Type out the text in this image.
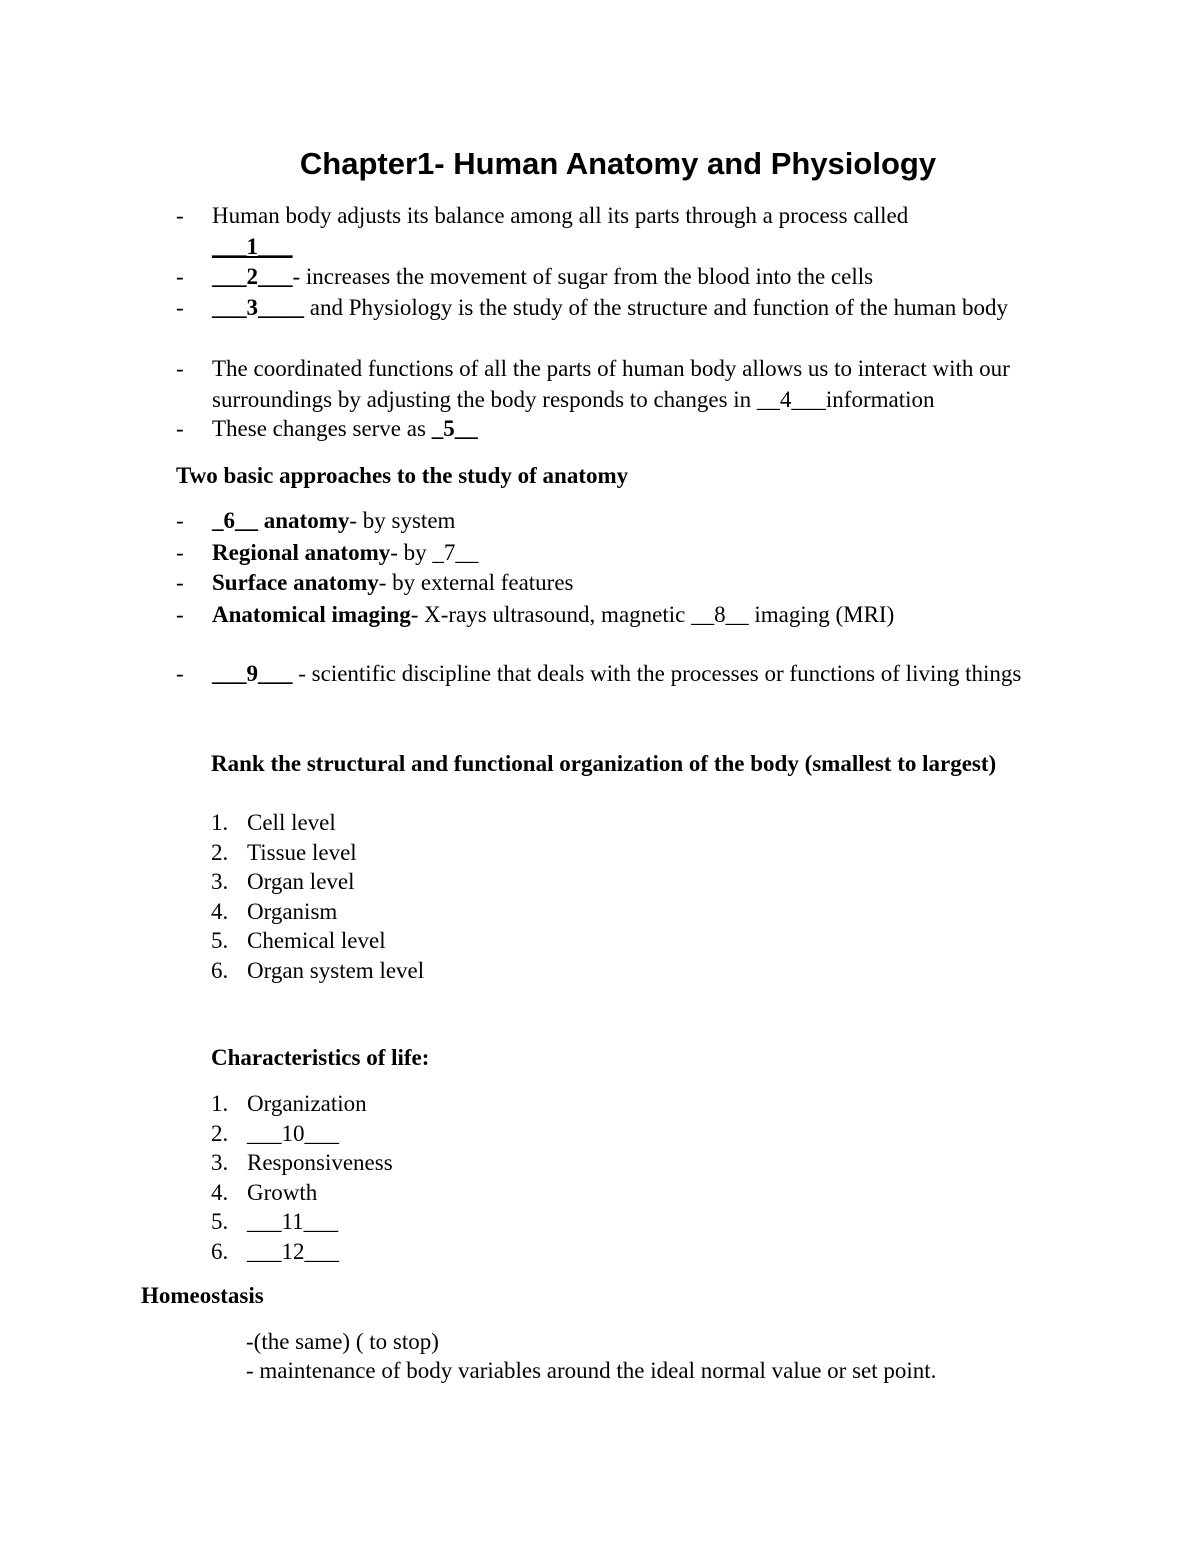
Chapter1- Human Anatomy and Physiology
- Human body adjusts its balance among all its parts through a process called
___1___
- ___2___- increases the movement of sugar from the blood into the cells
- ___3____ and Physiology is the study of the structure and function of the human body
- The coordinated functions of all the parts of human body allows us to interact with our surroundings by adjusting the body responds to changes in __4___information
- These changes serve as _5__
Two basic approaches to the study of anatomy
- _6__ anatomy- by system
- Regional anatomy- by _7__
- Surface anatomy- by external features
- Anatomical imaging- X-rays ultrasound, magnetic __8__ imaging (MRI)
- ___9___ - scientific discipline that deals with the processes or functions of living things
Rank the structural and functional organization of the body (smallest to largest)
1. Cell level
2. Tissue level
3. Organ level
4. Organism
5. Chemical level
6. Organ system level
Characteristics of life:
1. Organization
2. ___10___
3. Responsiveness
4. Growth
5. ___11___
6. ___12___
Homeostasis
-(the same) ( to stop)
- maintenance of body variables around the ideal normal value or set point.
